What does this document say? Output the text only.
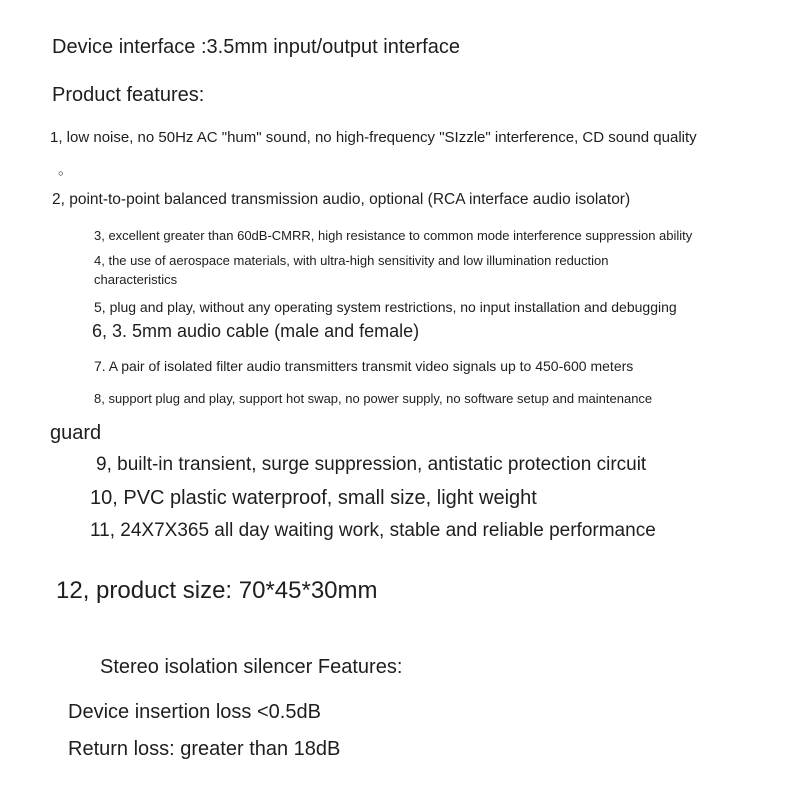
Device interface :3.5mm input/output interface
Product features:
1, low noise, no 50Hz AC "hum" sound, no high-frequency "SIzzle" interference, CD sound quality
。
2, point-to-point balanced transmission audio, optional (RCA interface audio isolator)
3, excellent greater than 60dB-CMRR, high resistance to common mode interference suppression ability
4, the use of aerospace materials, with ultra-high sensitivity and low illumination reduction
characteristics
5, plug and play, without any operating system restrictions, no input installation and debugging
6, 3. 5mm audio cable (male and female)
7. A pair of isolated filter audio transmitters transmit video signals up to 450-600 meters
8, support plug and play, support hot swap, no power supply, no software setup and maintenance
guard
9, built-in transient, surge suppression, antistatic protection circuit
10, PVC plastic waterproof, small size, light weight
11, 24X7X365 all day waiting work, stable and reliable performance
12, product size: 70*45*30mm
Stereo isolation silencer Features:
Device insertion loss <0.5dB
Return loss: greater than 18dB
